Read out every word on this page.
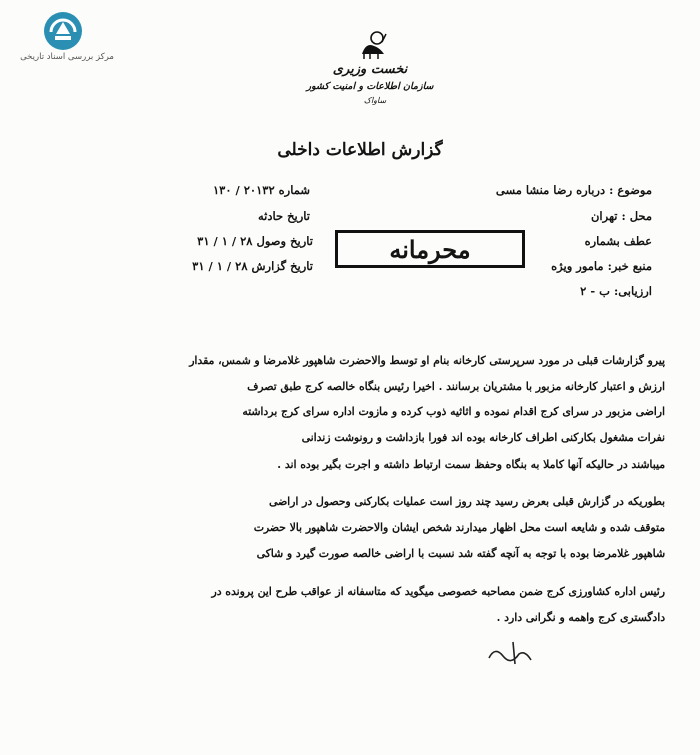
مرکز بررسی اسناد تاریخی
نخست وزیری
سازمان اطلاعات و امنیت کشور
ساواک
گزارش اطلاعات داخلی
شماره ۲۰۱۳۲ / ۱۳۰
تاریخ حادثه
تاریخ وصول ۲۸ / ۱ / ۳۱
تاریخ گزارش ۲۸ / ۱ / ۳۱
موضوع : درباره رضا منشا مسی
محل : تهران
عطف بشماره
منبع خبر: مامور ویژه
ارزیابی: ب - ۲
محرمانه
پیرو گزارشات قبلی در مورد سرپرستی کارخانه بنام او توسط والاحضرت شاهپور غلامرضا و شمس، مقدار
ارزش و اعتبار کارخانه مزبور با مشتریان برسانند . اخیرا رئیس بنگاه خالصه کرج طبق تصرف
اراضی مزبور در سرای کرج اقدام نموده و اثاثیه ذوب کرده و مازوت اداره سرای کرج برداشته
نفرات مشغول بکارکنی اطراف کارخانه بوده اند فورا بازداشت و رونوشت زندانی
میباشند در حالیکه آنها کاملا به بنگاه وحفظ سمت ارتباط داشته و اجرت بگیر بوده اند .
بطوریکه در گزارش قبلی بعرض رسید چند روز است عملیات بکارکنی وحصول در اراضی
متوقف شده و شایعه است محل اظهار میدارند شخص ایشان والاحضرت شاهپور بالا حضرت
شاهپور غلامرضا بوده با توجه به آنچه گفته شد نسبت با اراضی خالصه صورت گیرد و شاکی
رئیس اداره کشاورزی کرج ضمن مصاحبه خصوصی میگوید که متاسفانه از عواقب طرح این پرونده در
دادگستری کرج واهمه و نگرانی دارد .
